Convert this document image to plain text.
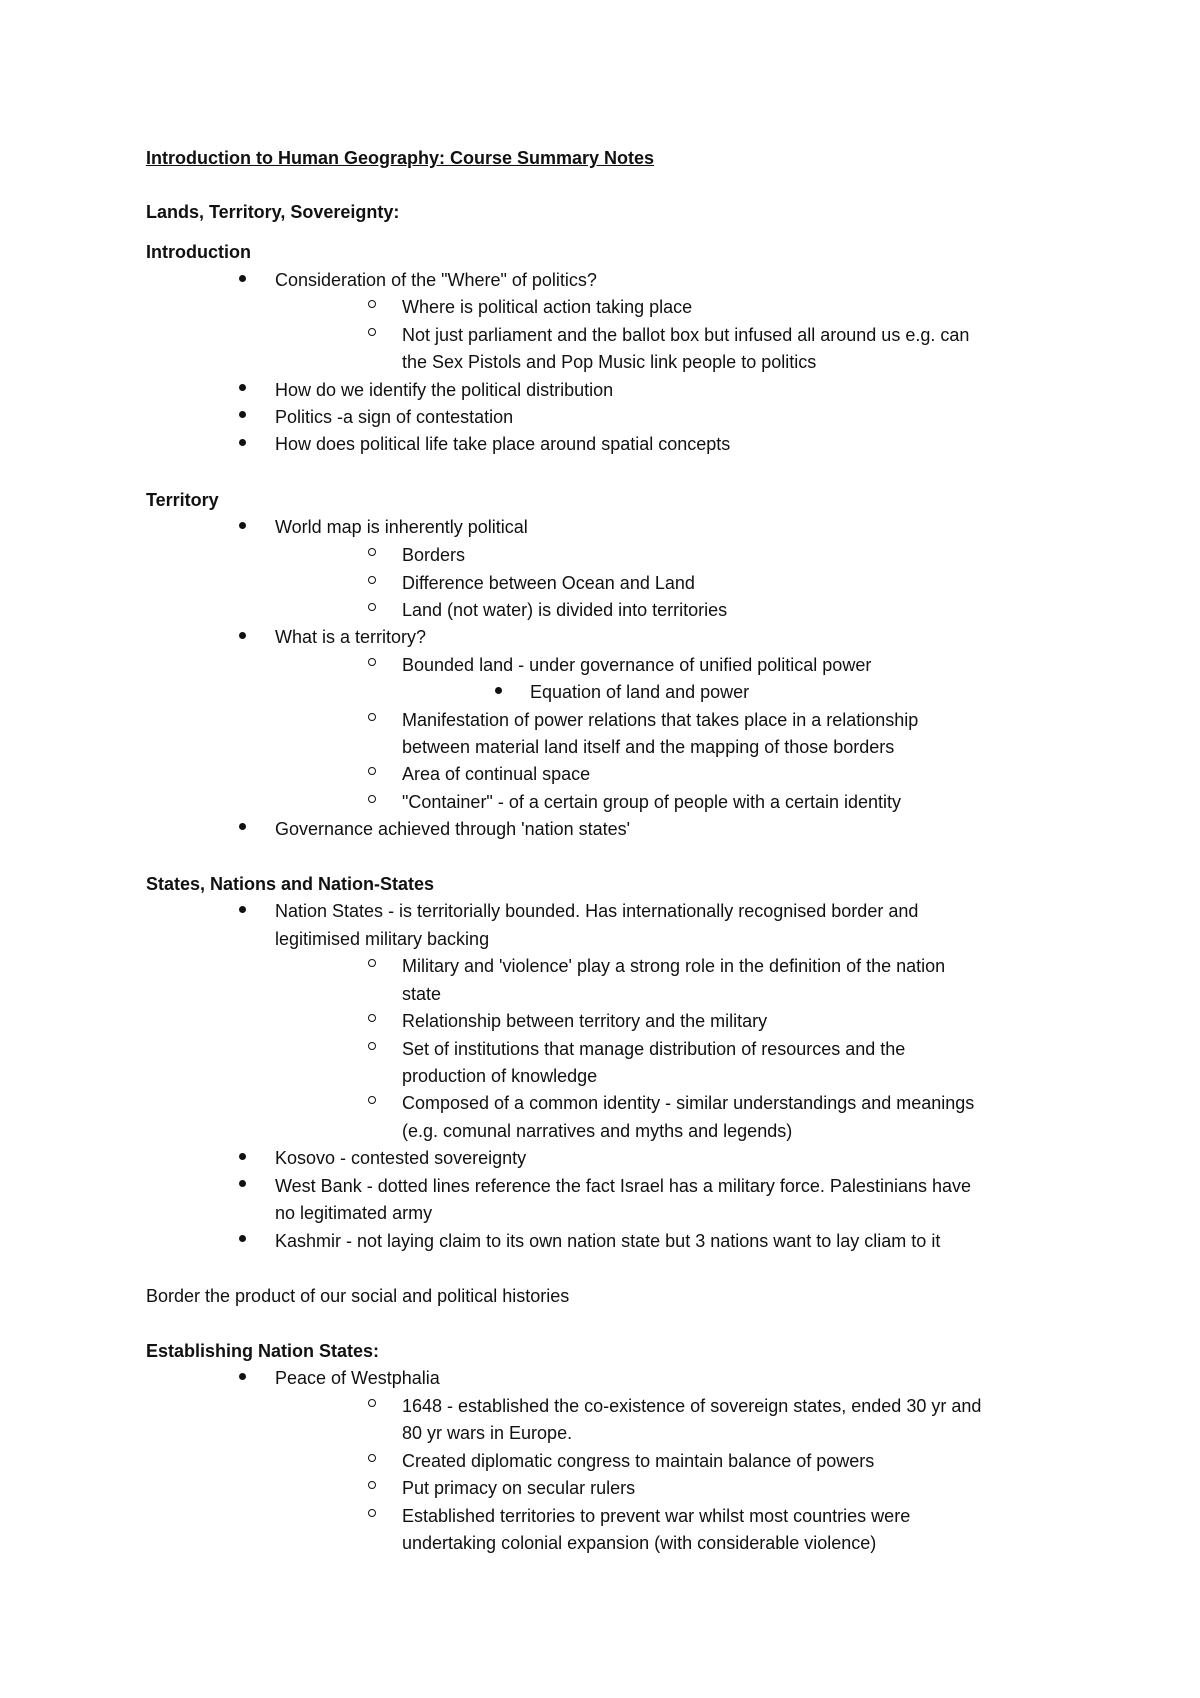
Introduction to Human Geography: Course Summary Notes
Lands, Territory, Sovereignty:
Introduction
Consideration of the "Where" of politics?
Where is political action taking place
Not just parliament and the ballot box but infused all around us e.g. can
the Sex Pistols and Pop Music link people to politics
How do we identify the political distribution
Politics -a sign of contestation
How does political life take place around spatial concepts
Territory
World map is inherently political
Borders
Difference between Ocean and Land
Land (not water) is divided into territories
What is a territory?
Bounded land - under governance of unified political power
Equation of land and power
Manifestation of power relations that takes place in a relationship
between material land itself and the mapping of those borders
Area of continual space
"Container" - of a certain group of people with a certain identity
Governance achieved through 'nation states'
States, Nations and Nation-States
Nation States - is territorially bounded. Has internationally recognised border and
legitimised military backing
Military and 'violence' play a strong role in the definition of the nation
state
Relationship between territory and the military
Set of institutions that manage distribution of resources and the
production of knowledge
Composed of a common identity - similar understandings and meanings
(e.g. comunal narratives and myths and legends)
Kosovo - contested sovereignty
West Bank - dotted lines reference the fact Israel has a military force. Palestinians have
no legitimated army
Kashmir - not laying claim to its own nation state but 3 nations want to lay cliam to it
Border the product of our social and political histories
Establishing Nation States:
Peace of Westphalia
1648 - established the co-existence of sovereign states, ended 30 yr and
80 yr wars in Europe.
Created diplomatic congress to maintain balance of powers
Put primacy on secular rulers
Established territories to prevent war whilst most countries were
undertaking colonial expansion (with considerable violence)
